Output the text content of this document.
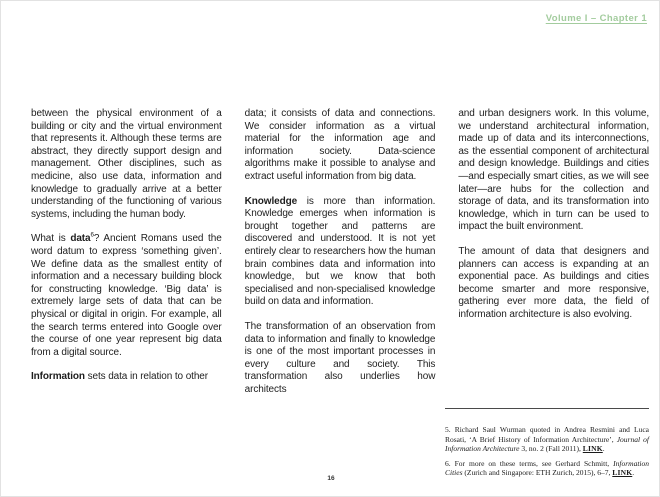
Volume I – Chapter 1

between the physical environment of a building or city and the virtual environment that represents it. Although these terms are abstract, they directly support design and management. Other disciplines, such as medicine, also use data, information and knowledge to gradually arrive at a better understanding of the functioning of various systems, including the human body.

What is data$^6$? Ancient Romans used the word datum to express ‘something given’. We define data as the smallest entity of information and a necessary building block for constructing knowledge. ‘Big data’ is extremely large sets of data that can be physical or digital in origin. For example, all the search terms entered into Google over the course of one year represent big data from a digital source.

Information sets data in relation to other

data; it consists of data and connections. We consider information as a virtual material for the information age and information society. Data-science algorithms make it possible to analyse and extract useful information from big data.

Knowledge is more than information. Knowledge emerges when information is brought together and patterns are discovered and understood. It is not yet entirely clear to researchers how the human brain combines data and information into knowledge, but we know that both specialised and non-specialised knowledge build on data and information.

The transformation of an observation from data to information and finally to knowledge is one of the most important processes in every culture and society. This transformation also underlies how architects

and urban designers work. In this volume, we understand architectural information, made up of data and its interconnections, as the essential component of architectural and design knowledge. Buildings and cities—and especially smart cities, as we will see later—are hubs for the collection and storage of data, and its transformation into knowledge, which in turn can be used to impact the built environment.

The amount of data that designers and planners can access is expanding at an exponential pace. As buildings and cities become smarter and more responsive, gathering ever more data, the field of information architecture is also evolving.

5. Richard Saul Wurman quoted in Andrea Resmini and Luca Rosati, ‘A Brief History of Information Architecture’, Journal of Information Architecture 3, no. 2 (Fall 2011), LINK.
6. For more on these terms, see Gerhard Schmitt, Information Cities (Zurich and Singapore: ETH Zurich, 2015), 6–7, LINK.
16
